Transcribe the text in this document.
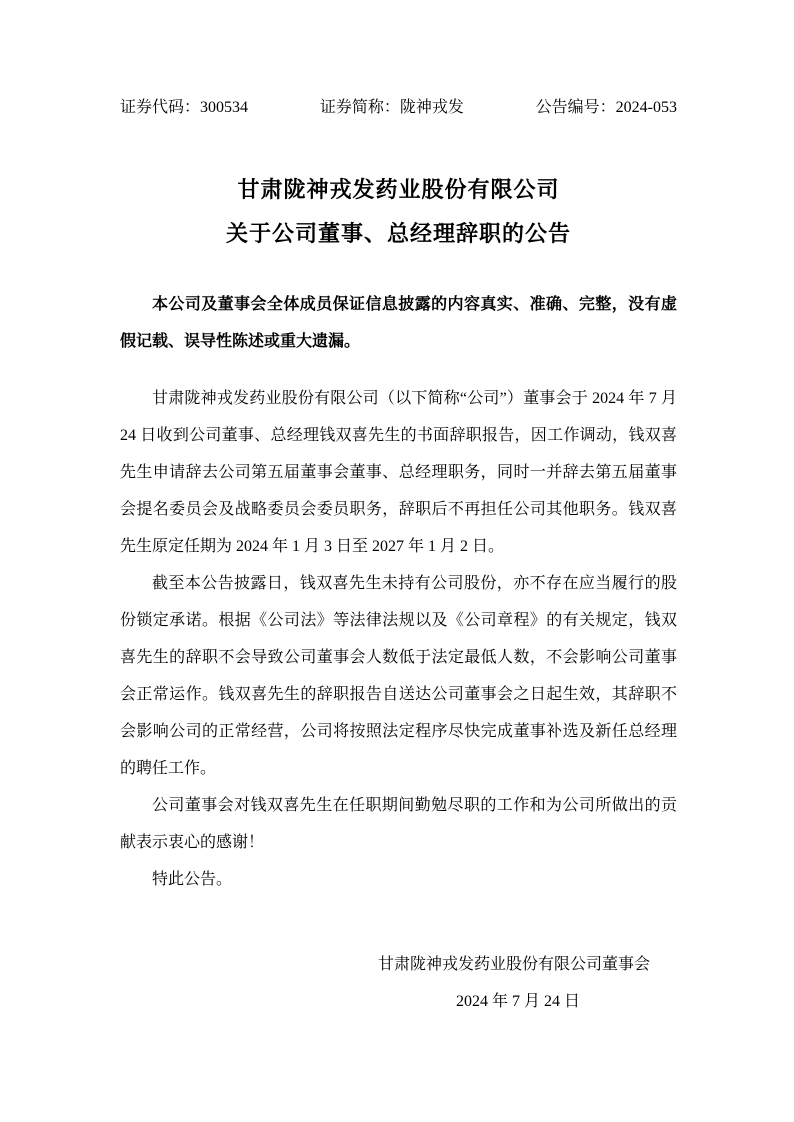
证券代码：300534	证券简称：陇神戎发	公告编号：2024-053
甘肃陇神戎发药业股份有限公司
关于公司董事、总经理辞职的公告

本公司及董事会全体成员保证信息披露的内容真实、准确、完整，没有虚假记载、误导性陈述或重大遗漏。

甘肃陇神戎发药业股份有限公司（以下简称“公司”）董事会于 2024 年 7 月 24 日收到公司董事、总经理钱双喜先生的书面辞职报告，因工作调动，钱双喜先生申请辞去公司第五届董事会董事、总经理职务，同时一并辞去第五届董事会提名委员会及战略委员会委员职务，辞职后不再担任公司其他职务。钱双喜先生原定任期为 2024 年 1 月 3 日至 2027 年 1 月 2 日。

截至本公告披露日，钱双喜先生未持有公司股份，亦不存在应当履行的股份锁定承诺。根据《公司法》等法律法规以及《公司章程》的有关规定，钱双喜先生的辞职不会导致公司董事会人数低于法定最低人数，不会影响公司董事会正常运作。钱双喜先生的辞职报告自送达公司董事会之日起生效，其辞职不会影响公司的正常经营，公司将按照法定程序尽快完成董事补选及新任总经理的聘任工作。

公司董事会对钱双喜先生在任职期间勤勉尽职的工作和为公司所做出的贡献表示衷心的感谢！

特此公告。

甘肃陇神戎发药业股份有限公司董事会
2024 年 7 月 24 日
